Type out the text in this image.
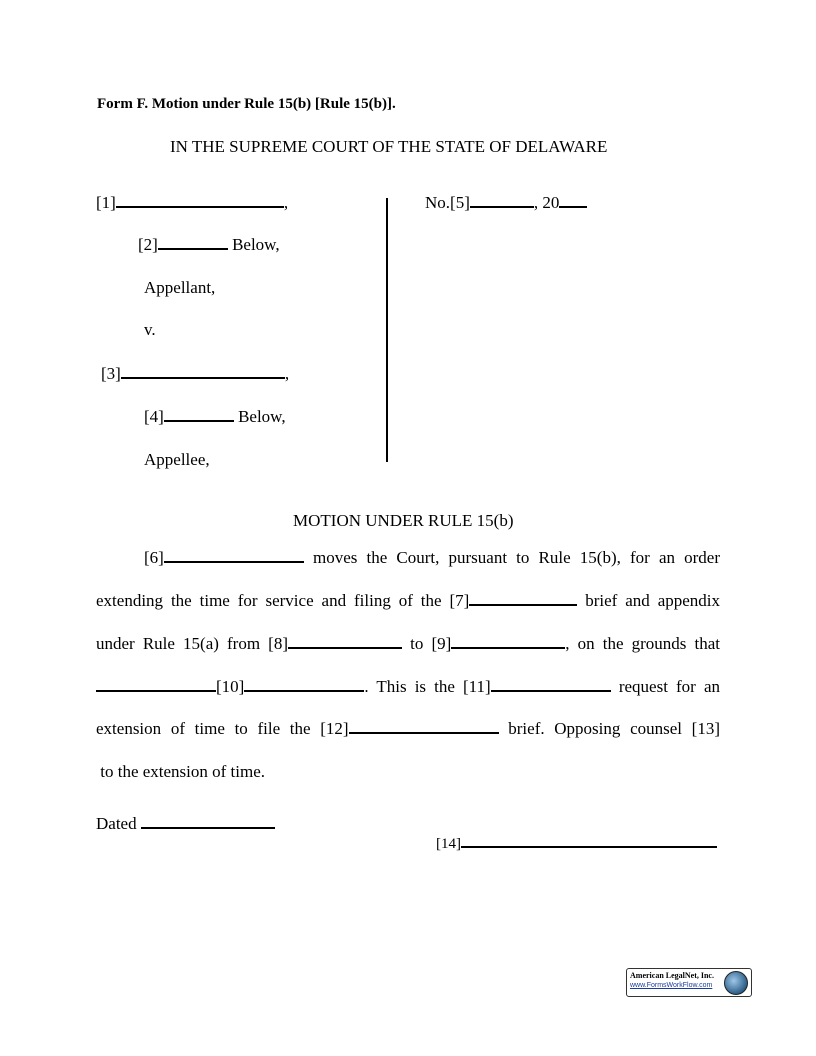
Form F. Motion under Rule 15(b) [Rule 15(b)].
IN THE SUPREME COURT OF THE STATE OF DELAWARE
[1]	,
[2]	Below,
Appellant,
v.
[3]	,
[4]	Below,
Appellee,
No.[5]	, 20
MOTION UNDER RULE 15(b)
[6]	moves the Court, pursuant to Rule 15(b), for an order
extending the time for service and filing of the [7]	brief and appendix
under Rule 15(a) from [8]	to [9]	, on the grounds that
[10]	. This is the [11]	request for an
extension of time to file the [12]	brief. Opposing counsel [13]
to the extension of time.
Dated
[14]
American LegalNet, Inc.
www.FormsWorkFlow.com
